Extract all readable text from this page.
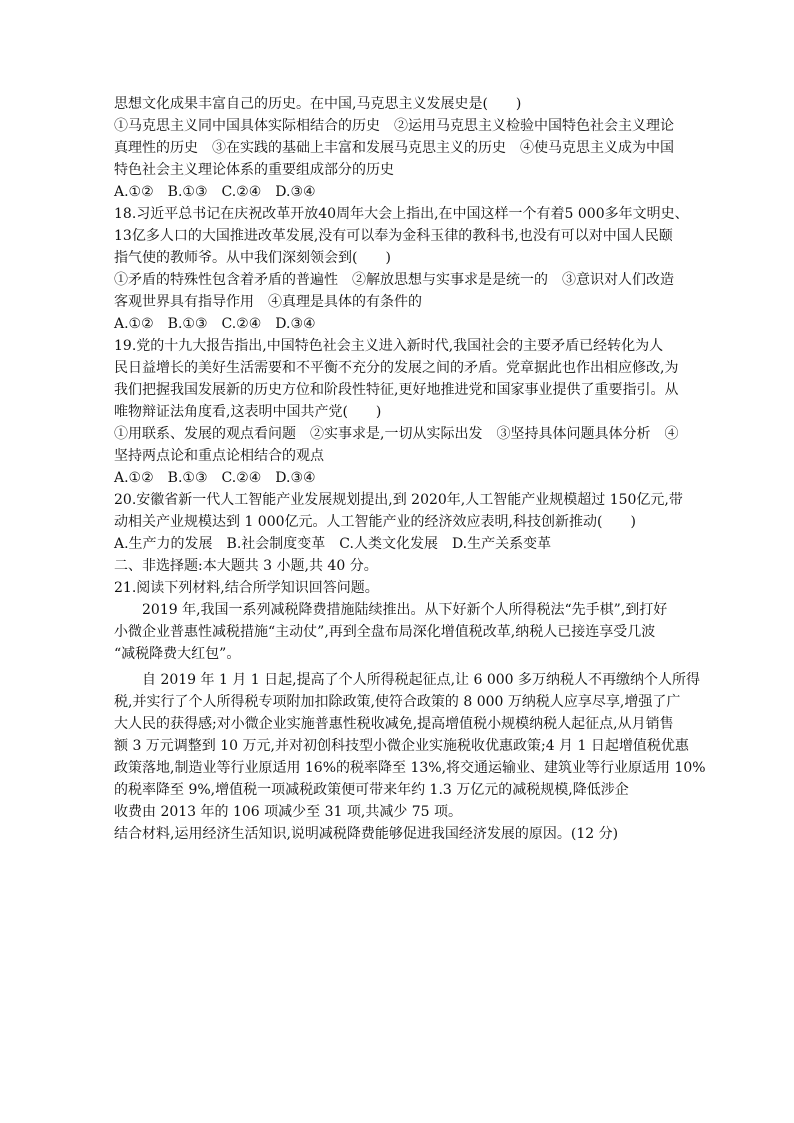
思想文化成果丰富自己的历史。在中国,马克思主义发展史是(　　)
①马克思主义同中国具体实际相结合的历史　②运用马克思主义检验中国特色社会主义理论
真理性的历史　③在实践的基础上丰富和发展马克思主义的历史　④使马克思主义成为中国
特色社会主义理论体系的重要组成部分的历史
A.①②　B.①③　C.②④　D.③④
18.习近平总书记在庆祝改革开放40周年大会上指出,在中国这样一个有着5 000多年文明史、
13亿多人口的大国推进改革发展,没有可以奉为金科玉律的教科书,也没有可以对中国人民颐
指气使的教师爷。从中我们深刻领会到(　　)
①矛盾的特殊性包含着矛盾的普遍性　②解放思想与实事求是是统一的　③意识对人们改造
客观世界具有指导作用　④真理是具体的有条件的
A.①②　B.①③　C.②④　D.③④
19.党的十九大报告指出,中国特色社会主义进入新时代,我国社会的主要矛盾已经转化为人
民日益增长的美好生活需要和不平衡不充分的发展之间的矛盾。党章据此也作出相应修改,为
我们把握我国发展新的历史方位和阶段性特征,更好地推进党和国家事业提供了重要指引。从
唯物辩证法角度看,这表明中国共产党(　　)
①用联系、发展的观点看问题　②实事求是,一切从实际出发　③坚持具体问题具体分析　④
坚持两点论和重点论相结合的观点
A.①②　B.①③　C.②④　D.③④
20.安徽省新一代人工智能产业发展规划提出,到 2020年,人工智能产业规模超过 150亿元,带
动相关产业规模达到 1 000亿元。人工智能产业的经济效应表明,科技创新推动(　　)
A.生产力的发展　B.社会制度变革　C.人类文化发展　D.生产关系变革
二、非选择题:本大题共 3 小题,共 40 分。
21.阅读下列材料,结合所学知识回答问题。
2019 年,我国一系列减税降费措施陆续推出。从下好新个人所得税法“先手棋”,到打好
小微企业普惠性减税措施“主动仗”,再到全盘布局深化增值税改革,纳税人已接连享受几波
“减税降费大红包”。
自 2019 年 1 月 1 日起,提高了个人所得税起征点,让 6 000 多万纳税人不再缴纳个人所得
税,并实行了个人所得税专项附加扣除政策,使符合政策的 8 000 万纳税人应享尽享,增强了广
大人民的获得感;对小微企业实施普惠性税收减免,提高增值税小规模纳税人起征点,从月销售
额 3 万元调整到 10 万元,并对初创科技型小微企业实施税收优惠政策;4 月 1 日起增值税优惠
政策落地,制造业等行业原适用 16%的税率降至 13%,将交通运输业、建筑业等行业原适用 10%
的税率降至 9%,增值税一项减税政策便可带来年约 1.3 万亿元的减税规模,降低涉企
收费由 2013 年的 106 项减少至 31 项,共减少 75 项。
结合材料,运用经济生活知识,说明减税降费能够促进我国经济发展的原因。(12 分)
